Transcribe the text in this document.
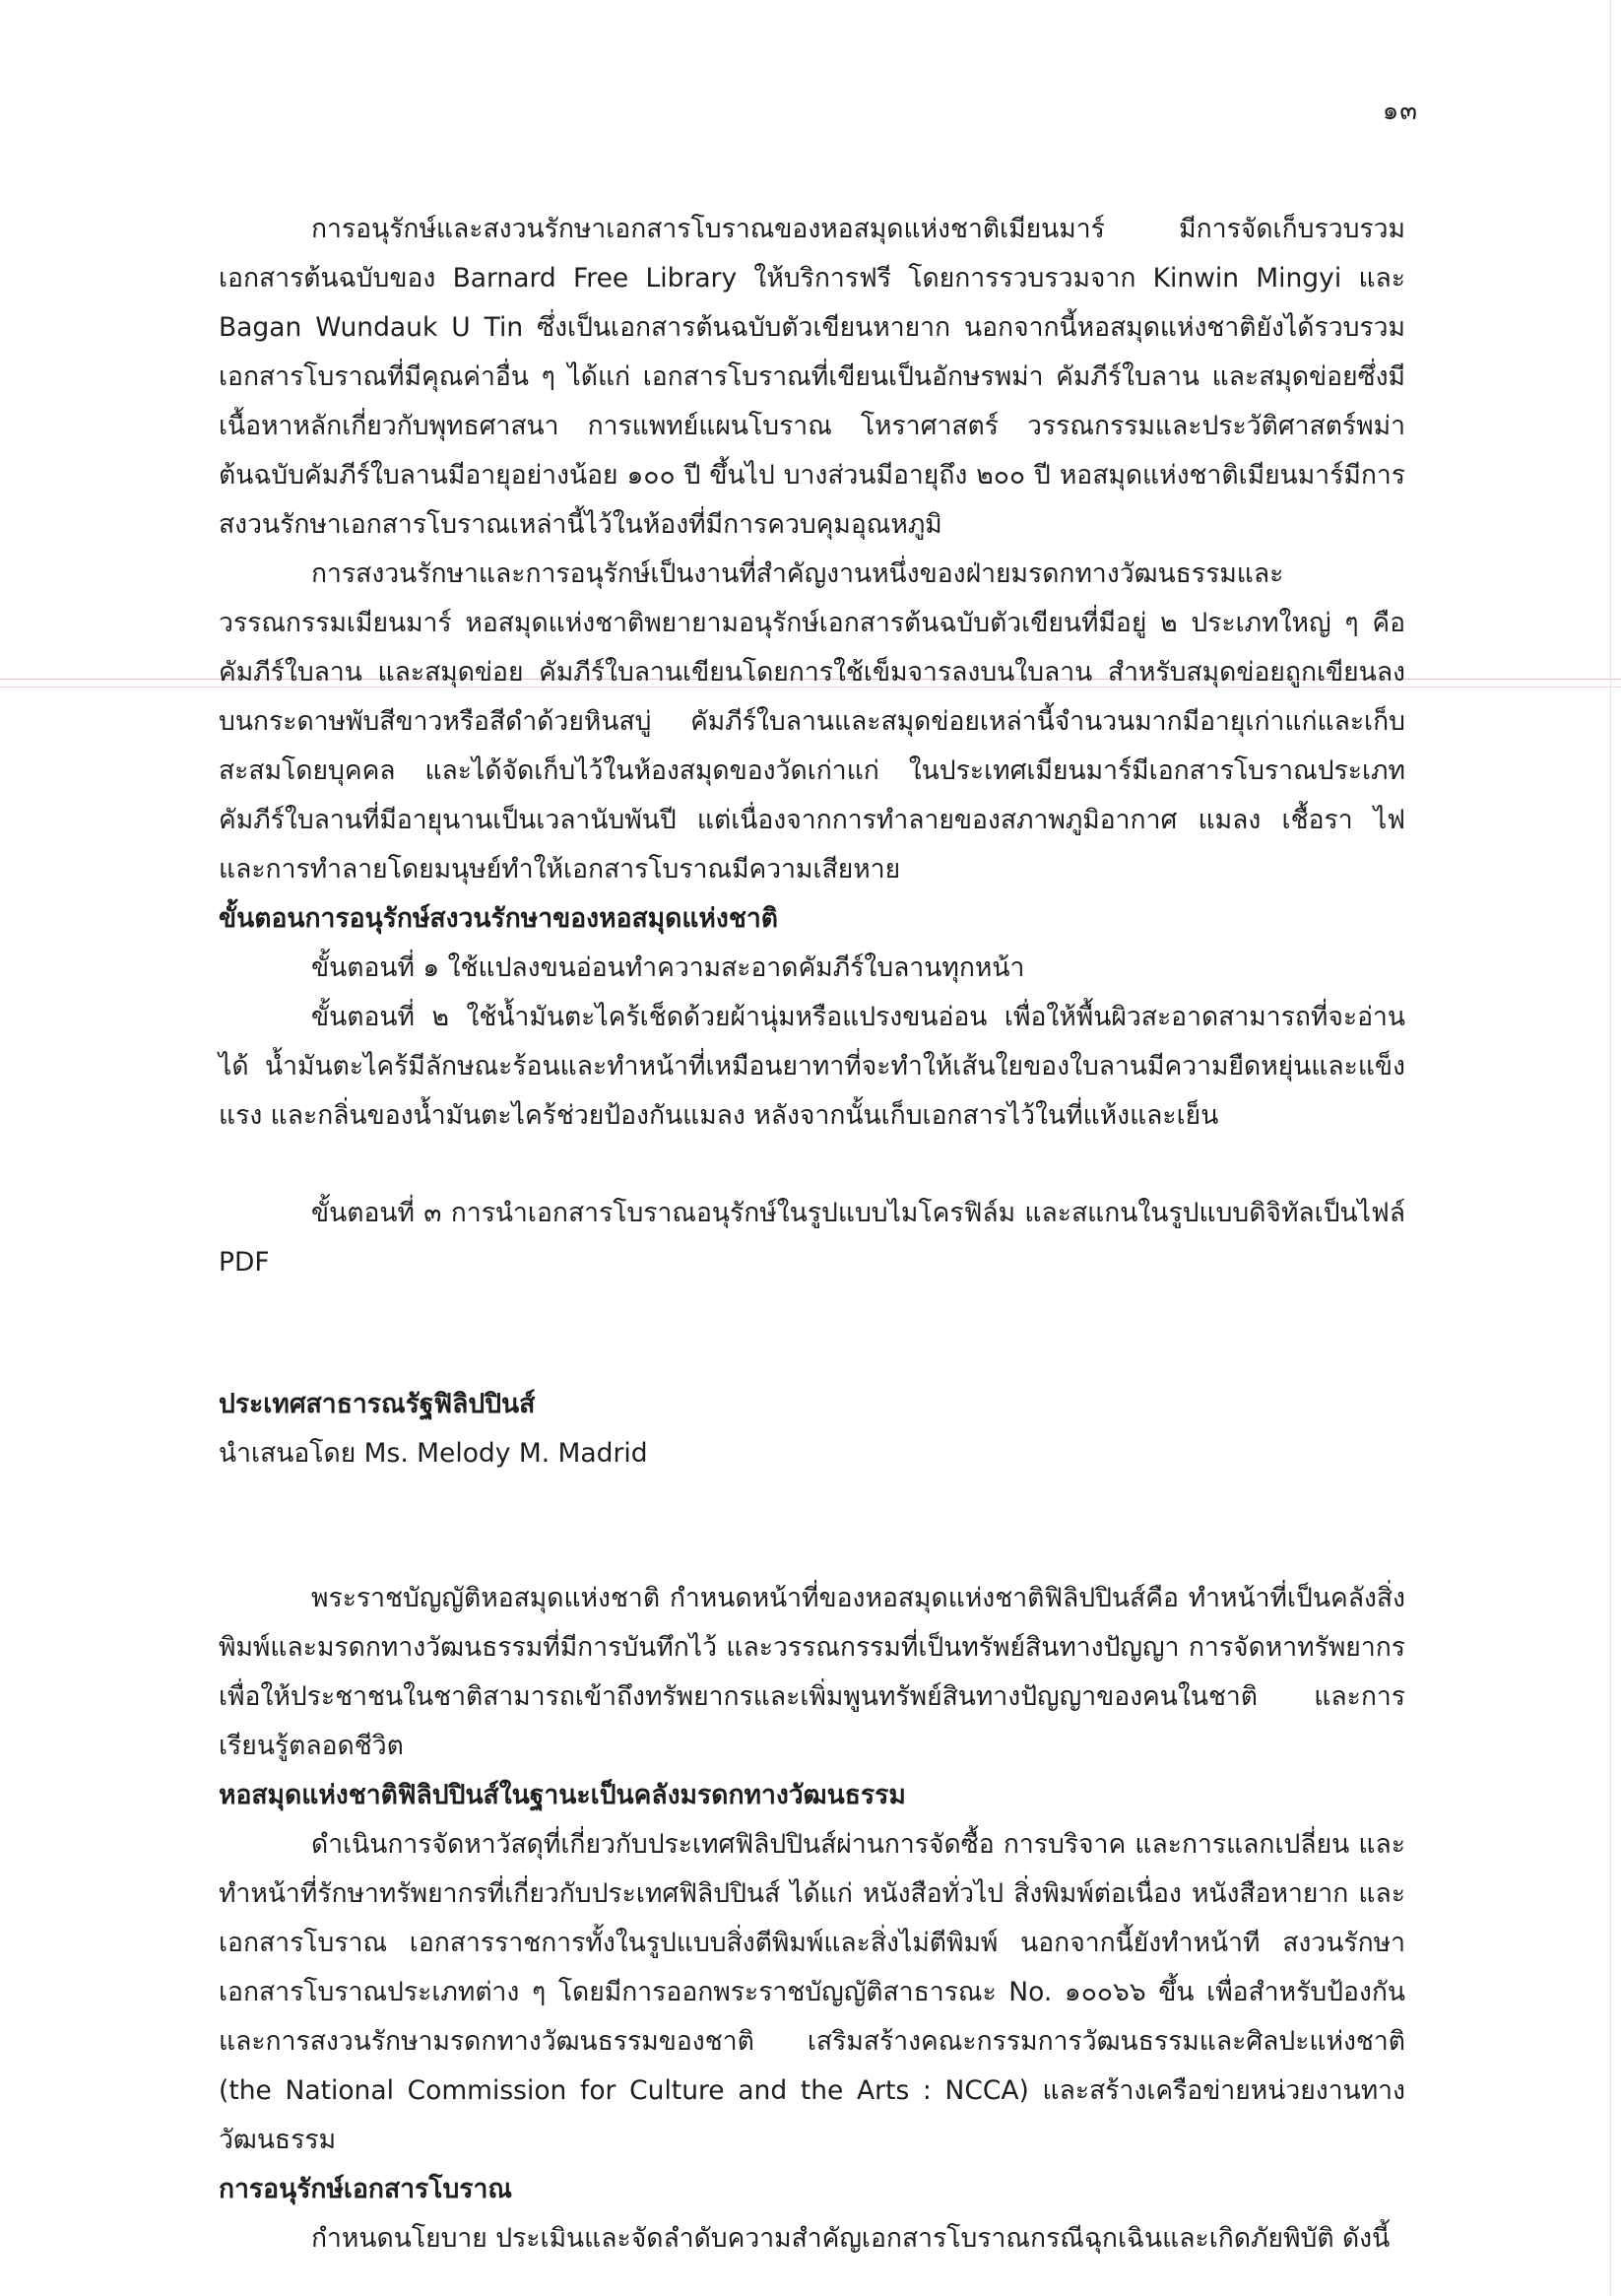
๑๓

การอนุรักษ์และสงวนรักษาเอกสารโบราณของหอสมุดแห่งชาติเมียนมาร์ มีการจัดเก็บรวบรวมเอกสารต้นฉบับของ Barnard Free Library ให้บริการฟรี โดยการรวบรวมจาก Kinwin Mingyi และ Bagan Wundauk U Tin ซึ่งเป็นเอกสารต้นฉบับตัวเขียนหายาก นอกจากนี้หอสมุดแห่งชาติยังได้รวบรวมเอกสารโบราณที่มีคุณค่าอื่น ๆ ได้แก่ เอกสารโบราณที่เขียนเป็นอักษรพม่า คัมภีร์ใบลาน และสมุดข่อยซึ่งมีเนื้อหาหลักเกี่ยวกับพุทธศาสนา การแพทย์แผนโบราณ โหราศาสตร์ วรรณกรรมและประวัติศาสตร์พม่า ต้นฉบับคัมภีร์ใบลานมีอายุอย่างน้อย ๑๐๐ ปี ขึ้นไป บางส่วนมีอายุถึง ๒๐๐ ปี หอสมุดแห่งชาติเมียนมาร์มีการสงวนรักษาเอกสารโบราณเหล่านี้ไว้ในห้องที่มีการควบคุมอุณหภูมิ

การสงวนรักษาและการอนุรักษ์เป็นงานที่สำคัญงานหนึ่งของฝ่ายมรดกทางวัฒนธรรมและวรรณกรรมเมียนมาร์ หอสมุดแห่งชาติพยายามอนุรักษ์เอกสารต้นฉบับตัวเขียนที่มีอยู่ ๒ ประเภทใหญ่ ๆ คือ คัมภีร์ใบลาน และสมุดข่อย คัมภีร์ใบลานเขียนโดยการใช้เข็มจารลงบนใบลาน สำหรับสมุดข่อยถูกเขียนลงบนกระดาษพับสีขาวหรือสีดำด้วยหินสบู่ คัมภีร์ใบลานและสมุดข่อยเหล่านี้จำนวนมากมีอายุเก่าแก่และเก็บสะสมโดยบุคคล และได้จัดเก็บไว้ในห้องสมุดของวัดเก่าแก่ ในประเทศเมียนมาร์มีเอกสารโบราณประเภทคัมภีร์ใบลานที่มีอายุนานเป็นเวลานับพันปี แต่เนื่องจากการทำลายของสภาพภูมิอากาศ แมลง เชื้อรา ไฟ และการทำลายโดยมนุษย์ทำให้เอกสารโบราณมีความเสียหาย

ขั้นตอนการอนุรักษ์สงวนรักษาของหอสมุดแห่งชาติ

ขั้นตอนที่ ๑ ใช้แปลงขนอ่อนทำความสะอาดคัมภีร์ใบลานทุกหน้า

ขั้นตอนที่ ๒ ใช้น้ำมันตะไคร้เช็ดด้วยผ้านุ่มหรือแปรงขนอ่อน เพื่อให้พื้นผิวสะอาดสามารถที่จะอ่านได้ น้ำมันตะไคร้มีลักษณะร้อนและทำหน้าที่เหมือนยาทาที่จะทำให้เส้นใยของใบลานมีความยืดหยุ่นและแข็งแรง และกลิ่นของน้ำมันตะไคร้ช่วยป้องกันแมลง หลังจากนั้นเก็บเอกสารไว้ในที่แห้งและเย็น

ขั้นตอนที่ ๓ การนำเอกสารโบราณอนุรักษ์ในรูปแบบไมโครฟิล์ม และสแกนในรูปแบบดิจิทัลเป็นไฟล์ PDF

ประเทศสาธารณรัฐฟิลิปปินส์

นำเสนอโดย Ms. Melody M. Madrid

พระราชบัญญัติหอสมุดแห่งชาติ กำหนดหน้าที่ของหอสมุดแห่งชาติฟิลิปปินส์คือ ทำหน้าที่เป็นคลังสิ่งพิมพ์และมรดกทางวัฒนธรรมที่มีการบันทึกไว้ และวรรณกรรมที่เป็นทรัพย์สินทางปัญญา การจัดหาทรัพยากรเพื่อให้ประชาชนในชาติสามารถเข้าถึงทรัพยากรและเพิ่มพูนทรัพย์สินทางปัญญาของคนในชาติ และการเรียนรู้ตลอดชีวิต

หอสมุดแห่งชาติฟิลิปปินส์ในฐานะเป็นคลังมรดกทางวัฒนธรรม

ดำเนินการจัดหาวัสดุที่เกี่ยวกับประเทศฟิลิปปินส์ผ่านการจัดซื้อ การบริจาค และการแลกเปลี่ยน และทำหน้าที่รักษาทรัพยากรที่เกี่ยวกับประเทศฟิลิปปินส์ ได้แก่ หนังสือทั่วไป สิ่งพิมพ์ต่อเนื่อง หนังสือหายาก และเอกสารโบราณ เอกสารราชการทั้งในรูปแบบสิ่งตีพิมพ์และสิ่งไม่ตีพิมพ์ นอกจากนี้ยังทำหน้าที สงวนรักษาเอกสารโบราณประเภทต่าง ๆ โดยมีการออกพระราชบัญญัติสาธารณะ No. ๑๐๐๖๖ ขึ้น เพื่อสำหรับป้องกันและการสงวนรักษามรดกทางวัฒนธรรมของชาติ เสริมสร้างคณะกรรมการวัฒนธรรมและศิลปะแห่งชาติ (the National Commission for Culture and the Arts : NCCA) และสร้างเครือข่ายหน่วยงานทางวัฒนธรรม

การอนุรักษ์เอกสารโบราณ

กำหนดนโยบาย ประเมินและจัดลำดับความสำคัญเอกสารโบราณกรณีฉุกเฉินและเกิดภัยพิบัติ ดังนี้
